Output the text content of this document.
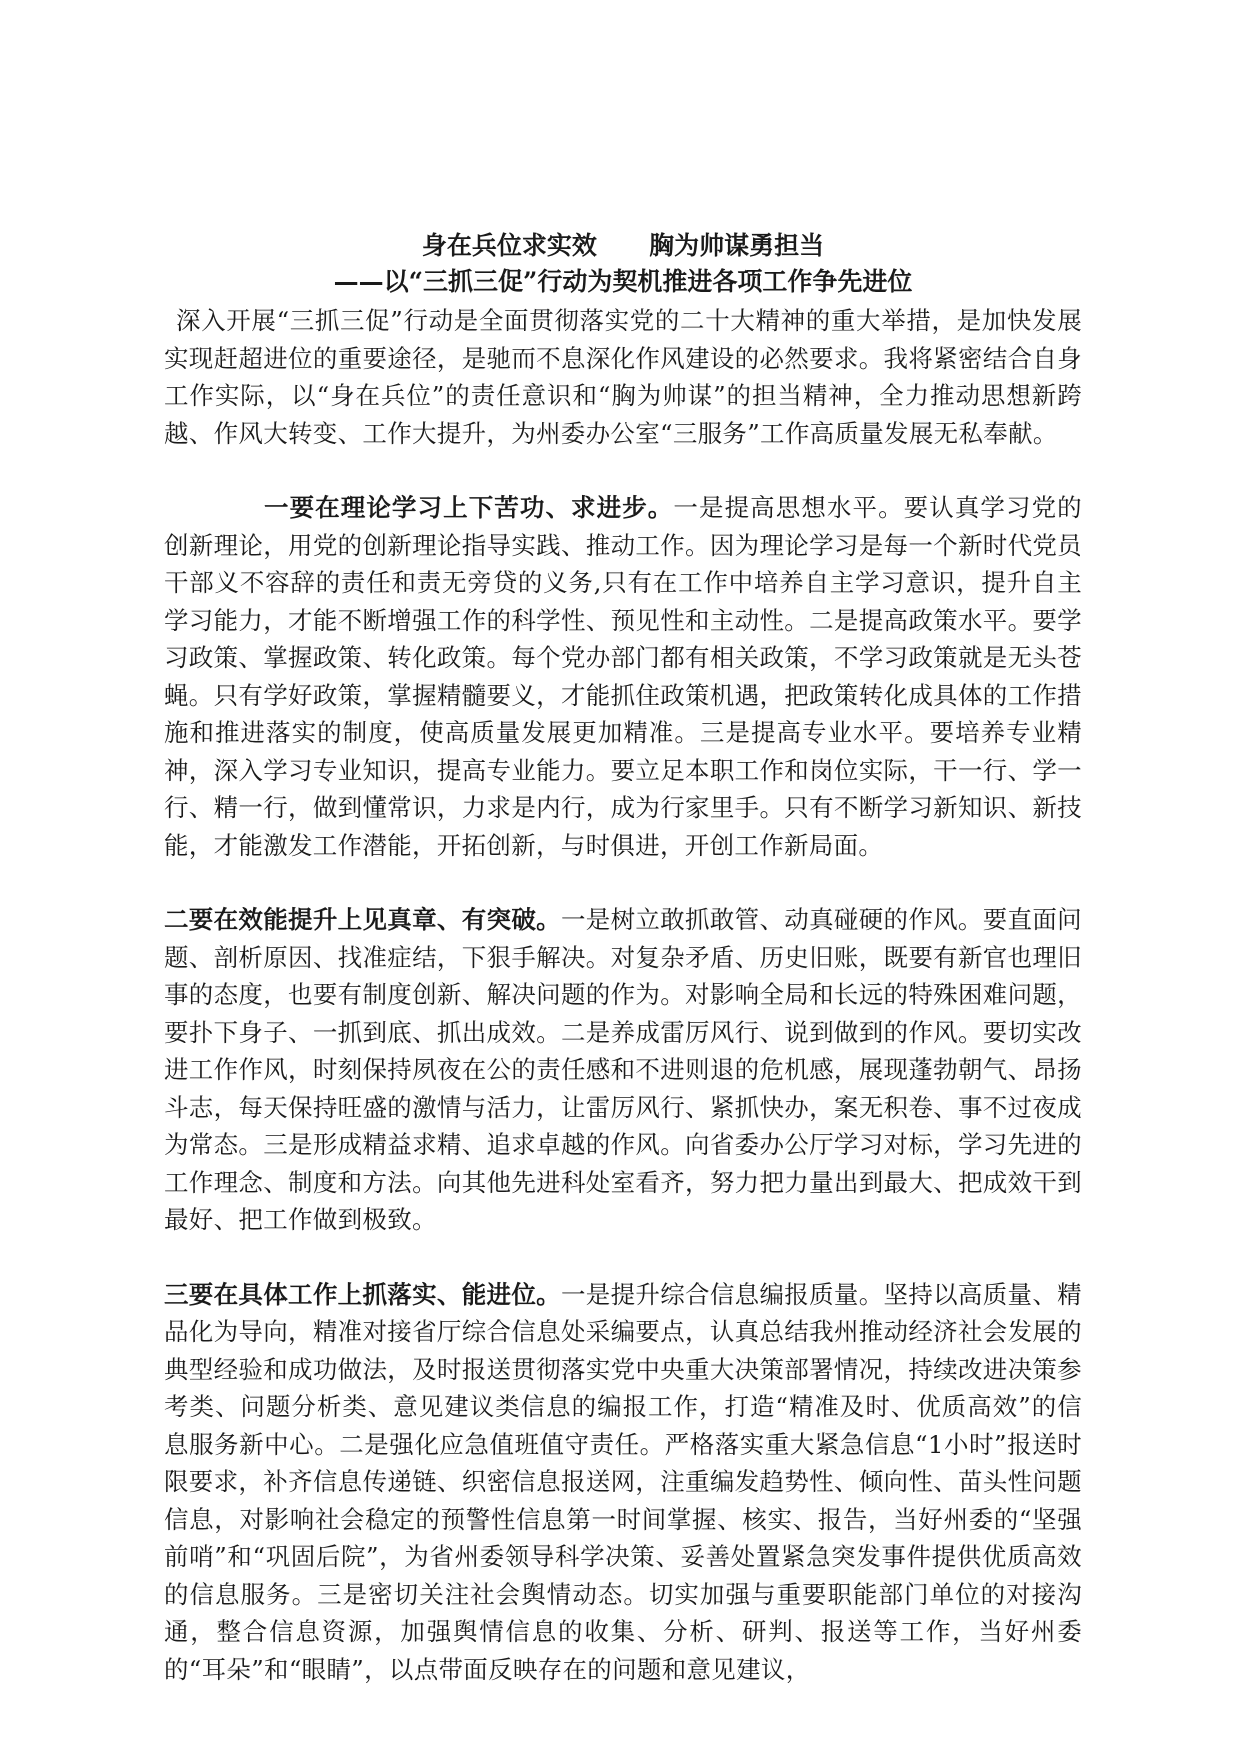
身在兵位求实效      胸为帅谋勇担当
——以“三抓三促”行动为契机推进各项工作争先进位

深入开展“三抓三促”行动是全面贯彻落实党的二十大精神的重大举措，是加快发展实现赶超进位的重要途径，是驰而不息深化作风建设的必然要求。我将紧密结合自身工作实际，以“身在兵位”的责任意识和“胸为帅谋”的担当精神，全力推动思想新跨越、作风大转变、工作大提升，为州委办公室“三服务”工作高质量发展无私奉献。

一要在理论学习上下苦功、求进步。一是提高思想水平。要认真学习党的创新理论，用党的创新理论指导实践、推动工作。因为理论学习是每一个新时代党员干部义不容辞的责任和责无旁贷的义务,只有在工作中培养自主学习意识，提升自主学习能力，才能不断增强工作的科学性、预见性和主动性。二是提高政策水平。要学习政策、掌握政策、转化政策。每个党办部门都有相关政策，不学习政策就是无头苍蝇。只有学好政策，掌握精髓要义，才能抓住政策机遇，把政策转化成具体的工作措施和推进落实的制度，使高质量发展更加精准。三是提高专业水平。要培养专业精神，深入学习专业知识，提高专业能力。要立足本职工作和岗位实际，干一行、学一行、精一行，做到懂常识，力求是内行，成为行家里手。只有不断学习新知识、新技能，才能激发工作潜能，开拓创新，与时俱进，开创工作新局面。

二要在效能提升上见真章、有突破。一是树立敢抓敢管、动真碰硬的作风。要直面问题、剖析原因、找准症结，下狠手解决。对复杂矛盾、历史旧账，既要有新官也理旧事的态度，也要有制度创新、解决问题的作为。对影响全局和长远的特殊困难问题，要扑下身子、一抓到底、抓出成效。二是养成雷厉风行、说到做到的作风。要切实改进工作作风，时刻保持夙夜在公的责任感和不进则退的危机感，展现蓬勃朝气、昂扬斗志，每天保持旺盛的激情与活力，让雷厉风行、紧抓快办，案无积卷、事不过夜成为常态。三是形成精益求精、追求卓越的作风。向省委办公厅学习对标，学习先进的工作理念、制度和方法。向其他先进科处室看齐，努力把力量出到最大、把成效干到最好、把工作做到极致。

三要在具体工作上抓落实、能进位。一是提升综合信息编报质量。坚持以高质量、精品化为导向，精准对接省厅综合信息处采编要点，认真总结我州推动经济社会发展的典型经验和成功做法，及时报送贯彻落实党中央重大决策部署情况，持续改进决策参考类、问题分析类、意见建议类信息的编报工作，打造“精准及时、优质高效”的信息服务新中心。二是强化应急值班值守责任。严格落实重大紧急信息“1小时”报送时限要求，补齐信息传递链、织密信息报送网，注重编发趋势性、倾向性、苗头性问题信息，对影响社会稳定的预警性信息第一时间掌握、核实、报告，当好州委的“坚强前哨”和“巩固后院”，为省州委领导科学决策、妥善处置紧急突发事件提供优质高效的信息服务。三是密切关注社会舆情动态。切实加强与重要职能部门单位的对接沟通，整合信息资源，加强舆情信息的收集、分析、研判、报送等工作，当好州委的“耳朵”和“眼睛”，以点带面反映存在的问题和意见建议，
